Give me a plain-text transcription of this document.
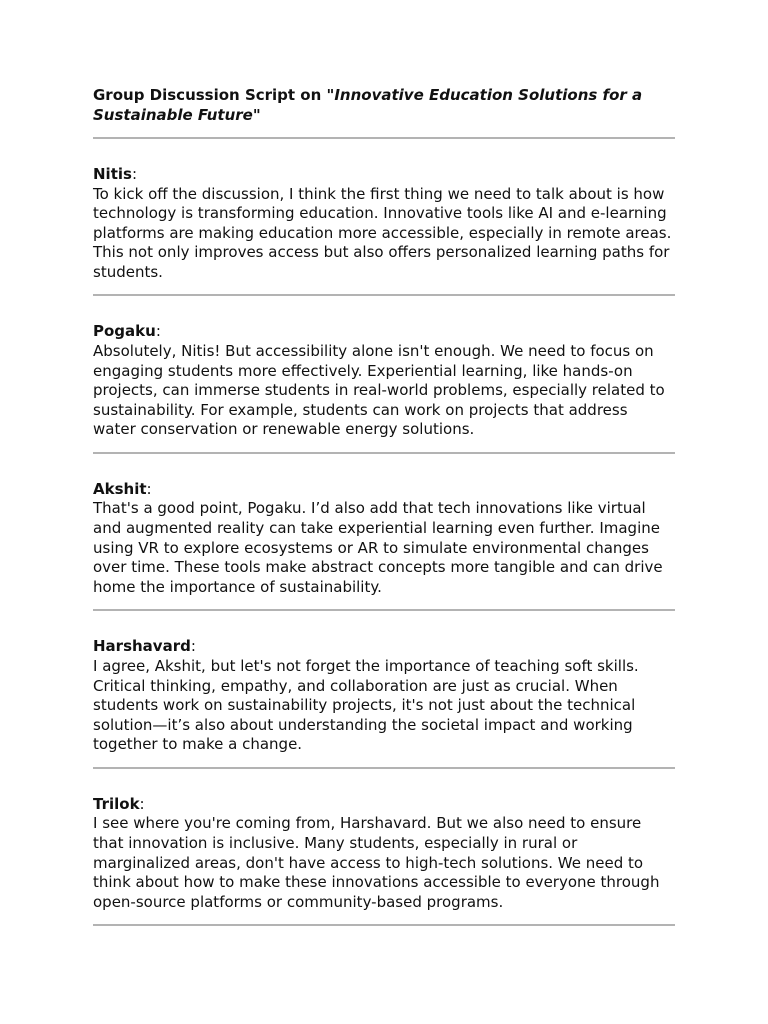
Group Discussion Script on "Innovative Education Solutions for a Sustainable Future"

Nitis:

To kick off the discussion, I think the first thing we need to talk about is how technology is transforming education. Innovative tools like AI and e-learning platforms are making education more accessible, especially in remote areas. This not only improves access but also offers personalized learning paths for students.

Pogaku:

Absolutely, Nitis! But accessibility alone isn't enough. We need to focus on engaging students more effectively. Experiential learning, like hands-on projects, can immerse students in real-world problems, especially related to sustainability. For example, students can work on projects that address water conservation or renewable energy solutions.

Akshit:

That's a good point, Pogaku. I’d also add that tech innovations like virtual and augmented reality can take experiential learning even further. Imagine using VR to explore ecosystems or AR to simulate environmental changes over time. These tools make abstract concepts more tangible and can drive home the importance of sustainability.

Harshavard:

I agree, Akshit, but let's not forget the importance of teaching soft skills. Critical thinking, empathy, and collaboration are just as crucial. When students work on sustainability projects, it's not just about the technical solution—it’s also about understanding the societal impact and working together to make a change.

Trilok:

I see where you're coming from, Harshavard. But we also need to ensure that innovation is inclusive. Many students, especially in rural or marginalized areas, don't have access to high-tech solutions. We need to think about how to make these innovations accessible to everyone through open-source platforms or community-based programs.
